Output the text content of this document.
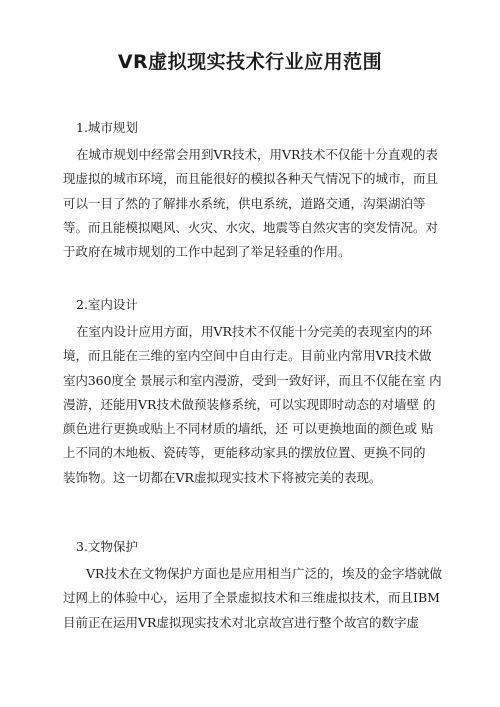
VR虚拟现实技术行业应用范围
1.城市规划
在城市规划中经常会用到VR技术，用VR技术不仅能十分直观的表
现虚拟的城市环境，而且能很好的模拟各种天气情况下的城市，而且
可以一目了然的了解排水系统，供电系统，道路交通，沟渠湖泊等
等。而且能模拟飓风、火灾、水灾、地震等自然灾害的突发情况。对
于政府在城市规划的工作中起到了举足轻重的作用。
2.室内设计
在室内设计应用方面，用VR技术不仅能十分完美的表现室内的环
境，而且能在三维的室内空间中自由行走。目前业内常用VR技术做
室内360度全 景展示和室内漫游，受到一致好评，而且不仅能在室 内
漫游，还能用VR技术做预装修系统，可以实现即时动态的对墙壁 的
颜色进行更换或贴上不同材质的墙纸，还 可以更换地面的颜色或 贴
上不同的木地板、瓷砖等，更能移动家具的摆放位置、更换不同的
装饰物。这一切都在VR虚拟现实技术下将被完美的表现。
3.文物保护
VR技术在文物保护方面也是应用相当广泛的，埃及的金字塔就做
过网上的体验中心，运用了全景虚拟技术和三维虚拟技术，而且IBM
目前正在运用VR虚拟现实技术对北京故宫进行整个故宫的数字虚
